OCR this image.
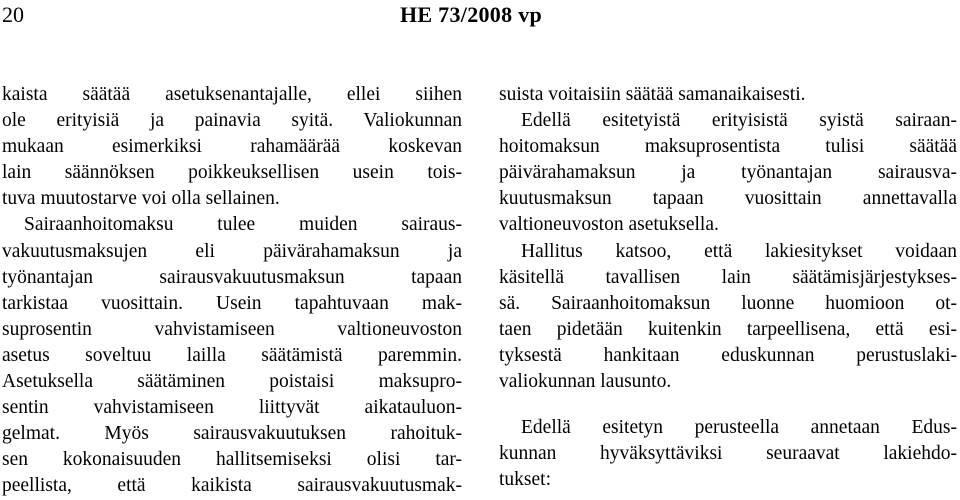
20	HE 73/2008 vp
kaista säätää asetuksenantajalle, ellei siihen
ole erityisiä ja painavia syitä. Valiokunnan
mukaan esimerkiksi rahamäärää koskevan
lain säännöksen poikkeuksellisen usein tois-
tuva muutostarve voi olla sellainen.
Sairaanhoitomaksu tulee muiden sairaus-
vakuutusmaksujen eli päivärahamaksun ja
työnantajan sairausvakuutusmaksun tapaan
tarkistaa vuosittain. Usein tapahtuvaan mak-
suprosentin vahvistamiseen valtioneuvoston
asetus soveltuu lailla säätämistä paremmin.
Asetuksella säätäminen poistaisi maksupro-
sentin vahvistamiseen liittyvät aikatauluon-
gelmat. Myös sairausvakuutuksen rahoituk-
sen kokonaisuuden hallitsemiseksi olisi tar-
peellista, että kaikista sairausvakuutusmak-
suista voitaisiin säätää samanaikaisesti.
Edellä esitetyistä erityisistä syistä sairaan-
hoitomaksun maksuprosentista tulisi säätää
päivärahamaksun ja työnantajan sairausva-
kuutusmaksun tapaan vuosittain annettavalla
valtioneuvoston asetuksella.
Hallitus katsoo, että lakiesitykset voidaan
käsitellä tavallisen lain säätämisjärjestykses-
sä. Sairaanhoitomaksun luonne huomioon ot-
taen pidetään kuitenkin tarpeellisena, että esi-
tyksestä hankitaan eduskunnan perustuslaki-
valiokunnan lausunto.
Edellä esitetyn perusteella annetaan Edus-
kunnan hyväksyttäviksi seuraavat lakiehdo-
tukset:
